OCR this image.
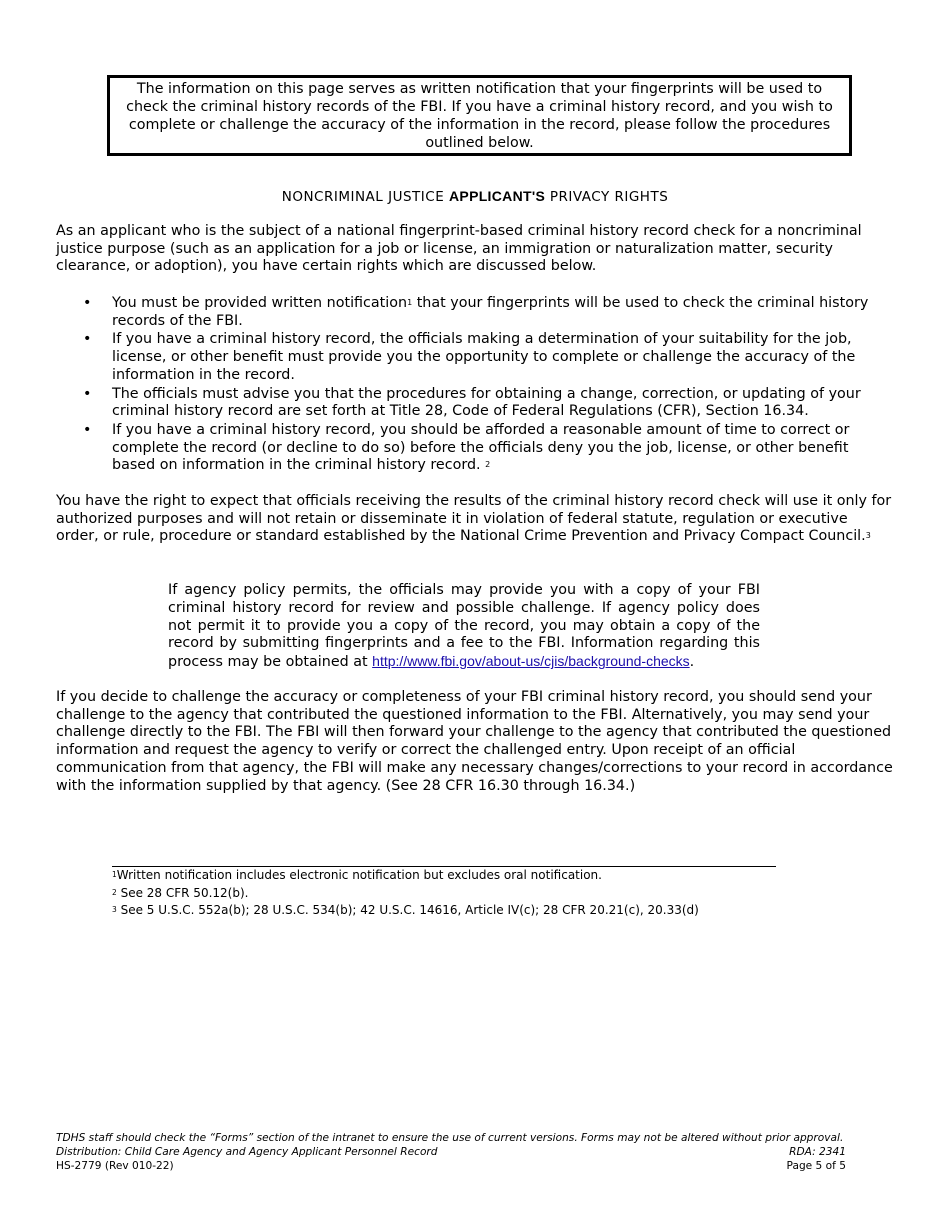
The information on this page serves as written notification that your fingerprints will be used to check the criminal history records of the FBI. If you have a criminal history record, and you wish to complete or challenge the accuracy of the information in the record, please follow the procedures outlined below.
NONCRIMINAL JUSTICE APPLICANT'S PRIVACY RIGHTS

As an applicant who is the subject of a national fingerprint-based criminal history record check for a noncriminal justice purpose (such as an application for a job or license, an immigration or naturalization matter, security clearance, or adoption), you have certain rights which are discussed below.

• You must be provided written notification$^1$ that your fingerprints will be used to check the criminal history records of the FBI.
• If you have a criminal history record, the officials making a determination of your suitability for the job, license, or other benefit must provide you the opportunity to complete or challenge the accuracy of the information in the record.
• The officials must advise you that the procedures for obtaining a change, correction, or updating of your criminal history record are set forth at Title 28, Code of Federal Regulations (CFR), Section 16.34.
• If you have a criminal history record, you should be afforded a reasonable amount of time to correct or complete the record (or decline to do so) before the officials deny you the job, license, or other benefit based on information in the criminal history record. $^2$

You have the right to expect that officials receiving the results of the criminal history record check will use it only for authorized purposes and will not retain or disseminate it in violation of federal statute, regulation or executive order, or rule, procedure or standard established by the National Crime Prevention and Privacy Compact Council.$^3$

If agency policy permits, the officials may provide you with a copy of your FBI criminal history record for review and possible challenge. If agency policy does not permit it to provide you a copy of the record, you may obtain a copy of the record by submitting fingerprints and a fee to the FBI. Information regarding this process may be obtained at http://www.fbi.gov/about-us/cjis/background-checks.

If you decide to challenge the accuracy or completeness of your FBI criminal history record, you should send your challenge to the agency that contributed the questioned information to the FBI. Alternatively, you may send your challenge directly to the FBI. The FBI will then forward your challenge to the agency that contributed the questioned information and request the agency to verify or correct the challenged entry. Upon receipt of an official communication from that agency, the FBI will make any necessary changes/corrections to your record in accordance with the information supplied by that agency. (See 28 CFR 16.30 through 16.34.)

$^1$Written notification includes electronic notification but excludes oral notification.
$^2$ See 28 CFR 50.12(b).
$^3$ See 5 U.S.C. 552a(b); 28 U.S.C. 534(b); 42 U.S.C. 14616, Article IV(c); 28 CFR 20.21(c), 20.33(d)
TDHS staff should check the “Forms” section of the intranet to ensure the use of current versions. Forms may not be altered without prior approval.
Distribution: Child Care Agency and Agency Applicant Personnel Record	RDA: 2341
HS-2779 (Rev 010-22)	Page 5 of 5
